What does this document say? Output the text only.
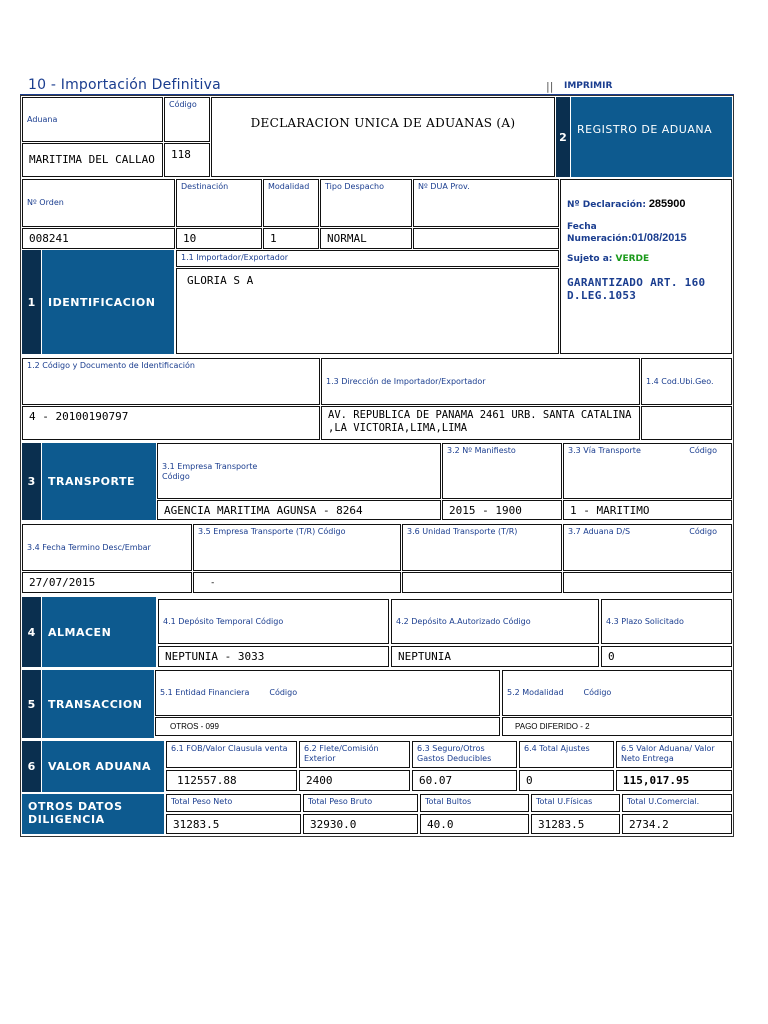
10 - Importación Definitiva	|| IMPRIMIR
Aduana
Código
DECLARACION UNICA DE ADUANAS (A)
2
REGISTRO DE ADUANA
MARITIMA DEL CALLAO	118
Nº Orden
Destinación	Modalidad	Tipo Despacho	Nº DUA Prov.
008241	10	1	NORMAL
Nº Declaración: 285900
Fecha
Numeración:01/08/2015
Sujeto a: VERDE
GARANTIZADO ART. 160 D.LEG.1053
1	IDENTIFICACION
1.1 Importador/Exportador
GLORIA S A
1.2 Código y Documento de Identificación
1.3 Dirección de Importador/Exportador	1.4 Cod.Ubi.Geo.
4 - 20100190797	AV. REPUBLICA DE PANAMA 2461 URB. SANTA CATALINA ,LA VICTORIA,LIMA,LIMA
3	TRANSPORTE
3.1 Empresa Transporte
Código
3.2 Nº Manifiesto	3.3 Vía Transporte	Código
AGENCIA MARITIMA AGUNSA - 8264	2015 - 1900	1 - MARITIMO
3.4 Fecha Termino Desc/Embar
3.5 Empresa Transporte (T/R) Código	3.6 Unidad Transporte (T/R)	3.7 Aduana D/S	Código
27/07/2015	-
4	ALMACEN
4.1 Depósito Temporal Código	4.2 Depósito A.Autorizado Código	4.3 Plazo Solicitado
NEPTUNIA - 3033	NEPTUNIA	0
5	TRANSACCION
5.1 Entidad Financiera	Código	5.2 Modalidad	Código
OTROS - 099	PAGO DIFERIDO - 2
6	VALOR ADUANA
6.1 FOB/Valor Clausula venta	6.2 Flete/Comisión Exterior
6.3 Seguro/Otros Gastos Deducibles
6.4 Total Ajustes	6.5 Valor Aduana/ Valor Neto Entrega
112557.88	2400	60.07	0	115,017.95
OTROS DATOS DILIGENCIA
Total Peso Neto	Total Peso Bruto	Total Bultos	Total U.Físicas	Total U.Comercial.
31283.5	32930.0	40.0	31283.5	2734.2
